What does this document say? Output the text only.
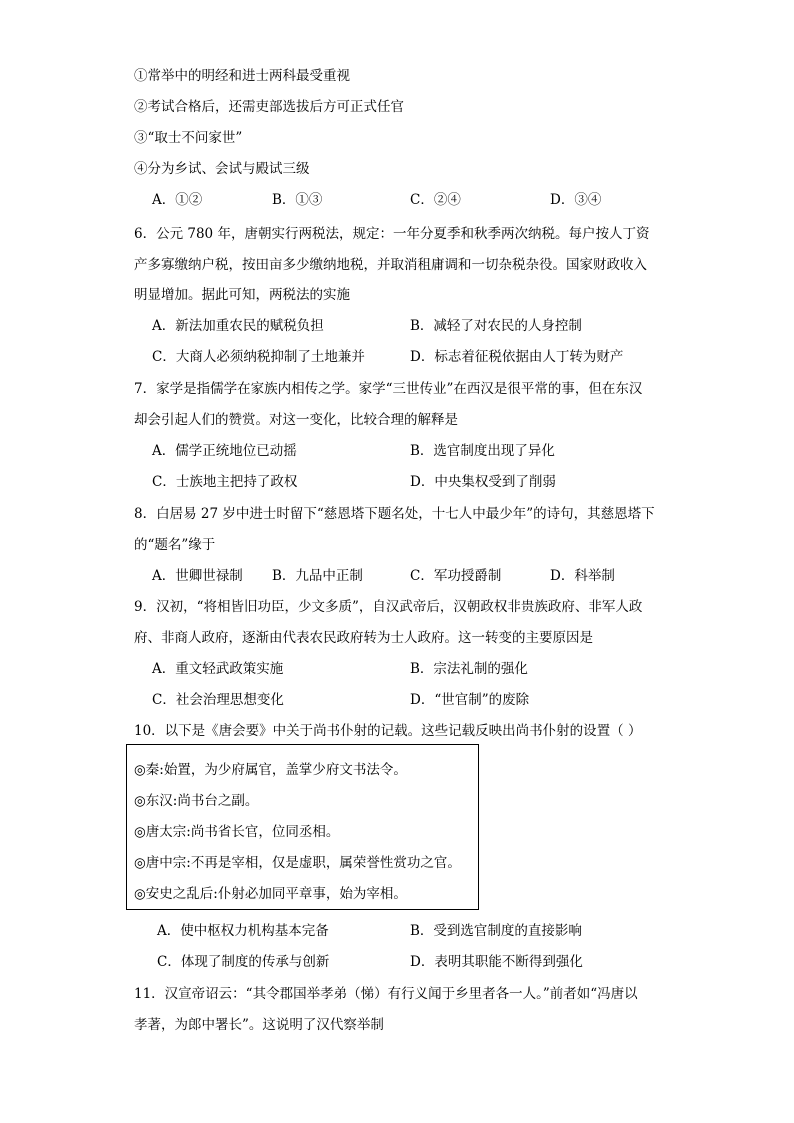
①常举中的明经和进士两科最受重视
②考试合格后，还需吏部选拔后方可正式任官
③“取士不问家世”
④分为乡试、会试与殿试三级
A．①②	B．①③	C．②④	D．③④
6．公元 780 年，唐朝实行两税法，规定：一年分夏季和秋季两次纳税。每户按人丁资
产多寡缴纳户税，按田亩多少缴纳地税，并取消租庸调和一切杂税杂役。国家财政收入
明显增加。据此可知，两税法的实施
A．新法加重农民的赋税负担	B．减轻了对农民的人身控制
C．大商人必须纳税抑制了土地兼并	D．标志着征税依据由人丁转为财产
7．家学是指儒学在家族内相传之学。家学“三世传业”在西汉是很平常的事，但在东汉
却会引起人们的赞赏。对这一变化，比较合理的解释是
A．儒学正统地位已动摇	B．选官制度出现了异化
C．士族地主把持了政权	D．中央集权受到了削弱
8．白居易 27 岁中进士时留下“慈恩塔下题名处，十七人中最少年”的诗句，其慈恩塔下
的“题名”缘于
A．世卿世禄制 B．九品中正制	C．军功授爵制	D．科举制
9．汉初，“将相皆旧功臣，少文多质”，自汉武帝后，汉朝政权非贵族政府、非军人政
府、非商人政府，逐渐由代表农民政府转为士人政府。这一转变的主要原因是
A．重文轻武政策实施	B．宗法礼制的强化
C．社会治理思想变化	D．“世官制”的废除
10．以下是《唐会要》中关于尚书仆射的记载。这些记载反映出尚书仆射的设置（ ）
◎秦:始置，为少府属官，盖掌少府文书法令。
◎东汉:尚书台之副。
◎唐太宗:尚书省长官，位同丞相。
◎唐中宗:不再是宰相，仅是虚职，属荣誉性赏功之官。
◎安史之乱后:仆射必加同平章事，始为宰相。
A．使中枢权力机构基本完备	B．受到选官制度的直接影响
C．体现了制度的传承与创新	D．表明其职能不断得到强化
11．汉宣帝诏云：“其令郡国举孝弟（悌）有行义闻于乡里者各一人。”前者如“冯唐以
孝著，为郎中署长”。这说明了汉代察举制
